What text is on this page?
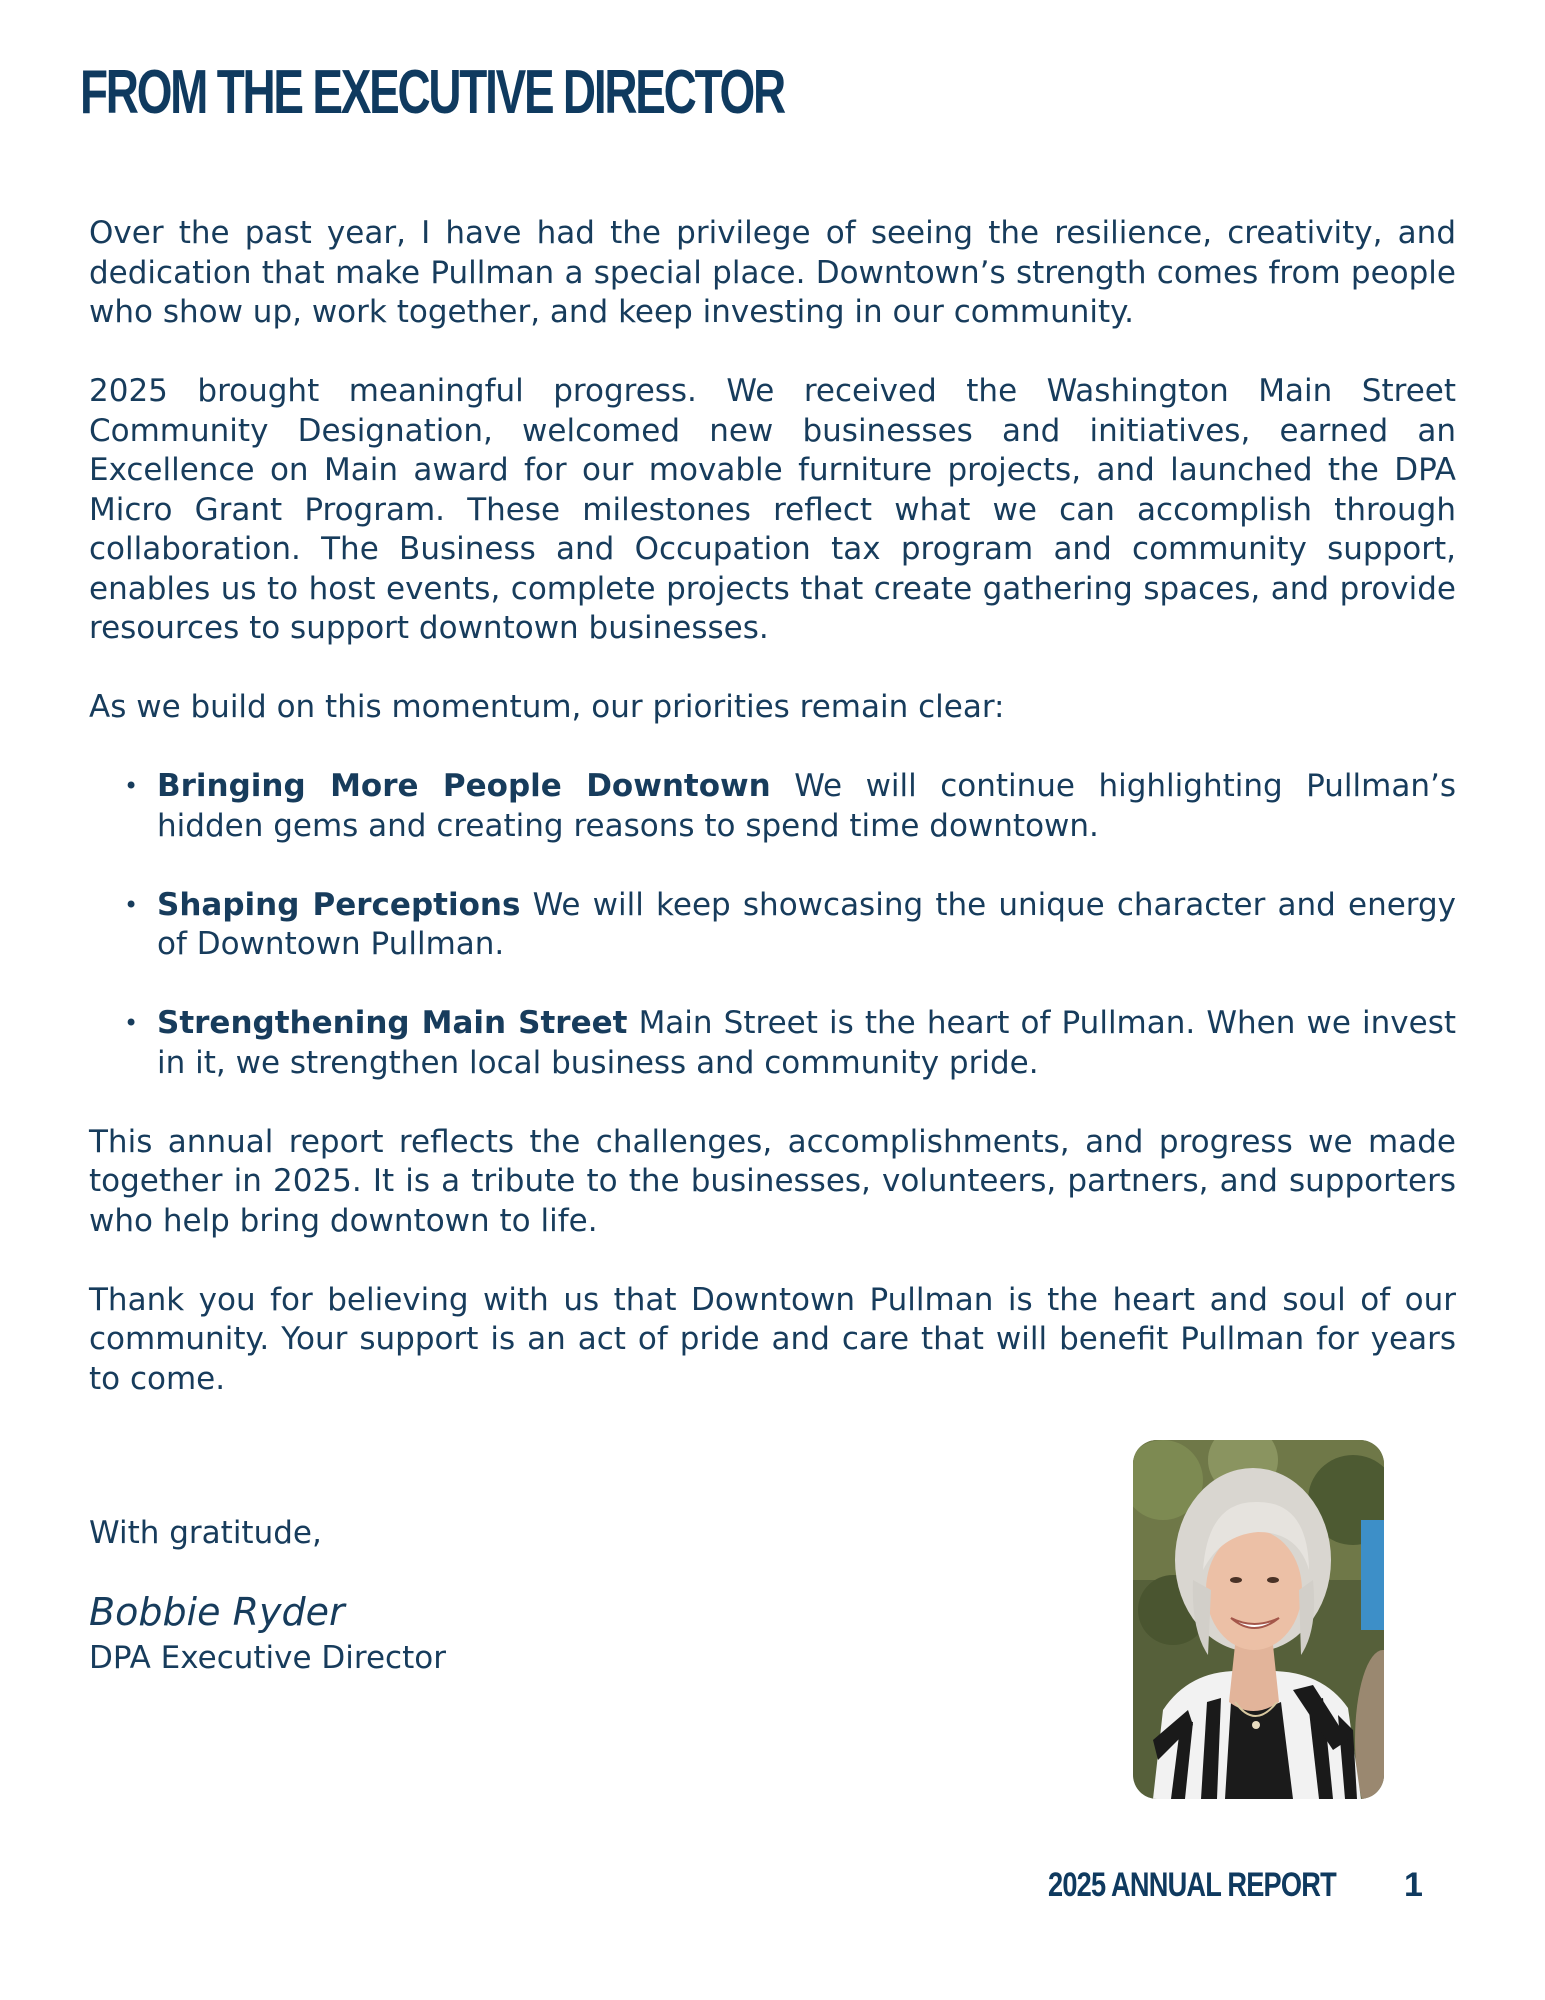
FROM THE EXECUTIVE DIRECTOR

Over the past year, I have had the privilege of seeing the resilience, creativity, and dedication that make Pullman a special place. Downtown’s strength comes from people who show up, work together, and keep investing in our community.

2025 brought meaningful progress. We received the Washington Main Street Community Designation, welcomed new businesses and initiatives, earned an Excellence on Main award for our movable furniture projects, and launched the DPA Micro Grant Program. These milestones reflect what we can accomplish through collaboration. The Business and Occupation tax program and community support, enables us to host events, complete projects that create gathering spaces, and provide resources to support downtown businesses.

As we build on this momentum, our priorities remain clear:

• Bringing More People Downtown We will continue highlighting Pullman’s hidden gems and creating reasons to spend time downtown.
• Shaping Perceptions We will keep showcasing the unique character and energy of Downtown Pullman.
• Strengthening Main Street Main Street is the heart of Pullman. When we invest in it, we strengthen local business and community pride.

This annual report reflects the challenges, accomplishments, and progress we made together in 2025. It is a tribute to the businesses, volunteers, partners, and supporters who help bring downtown to life.

Thank you for believing with us that Downtown Pullman is the heart and soul of our community. Your support is an act of pride and care that will benefit Pullman for years to come.

With gratitude,

Bobbie Ryder

DPA Executive Director

2025 ANNUAL REPORT 1
